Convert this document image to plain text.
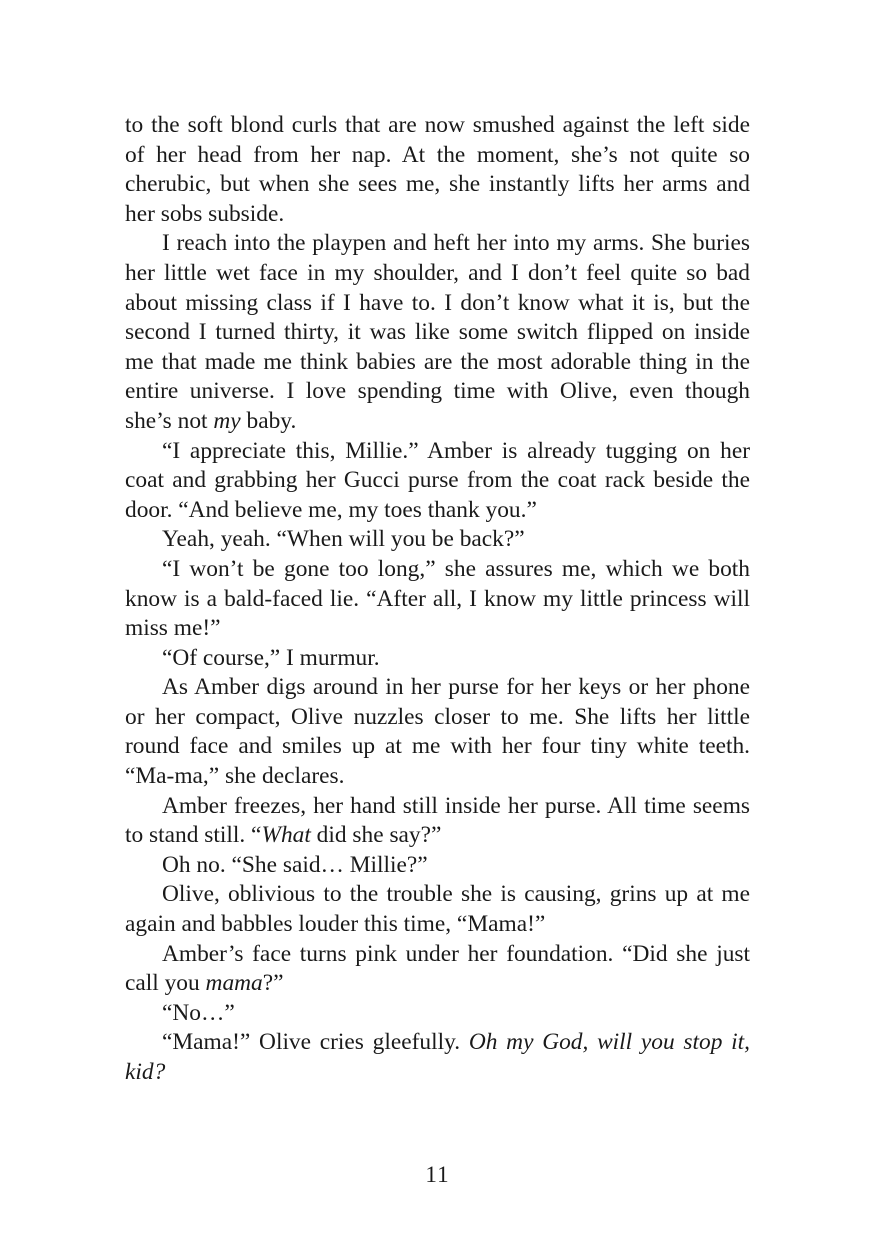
to the soft blond curls that are now smushed against the left side of her head from her nap. At the moment, she’s not quite so cherubic, but when she sees me, she instantly lifts her arms and her sobs subside.

I reach into the playpen and heft her into my arms. She buries her little wet face in my shoulder, and I don’t feel quite so bad about missing class if I have to. I don’t know what it is, but the second I turned thirty, it was like some switch flipped on inside me that made me think babies are the most adorable thing in the entire universe. I love spending time with Olive, even though she’s not my baby.

“I appreciate this, Millie.” Amber is already tugging on her coat and grabbing her Gucci purse from the coat rack beside the door. “And believe me, my toes thank you.”

Yeah, yeah. “When will you be back?”

“I won’t be gone too long,” she assures me, which we both know is a bald-faced lie. “After all, I know my little princess will miss me!”

“Of course,” I murmur.

As Amber digs around in her purse for her keys or her phone or her compact, Olive nuzzles closer to me. She lifts her little round face and smiles up at me with her four tiny white teeth. “Ma-ma,” she declares.

Amber freezes, her hand still inside her purse. All time seems to stand still. “What did she say?”

Oh no. “She said… Millie?”

Olive, oblivious to the trouble she is causing, grins up at me again and babbles louder this time, “Mama!”

Amber’s face turns pink under her foundation. “Did she just call you mama?”

“No…”

“Mama!” Olive cries gleefully. Oh my God, will you stop it, kid?

11
